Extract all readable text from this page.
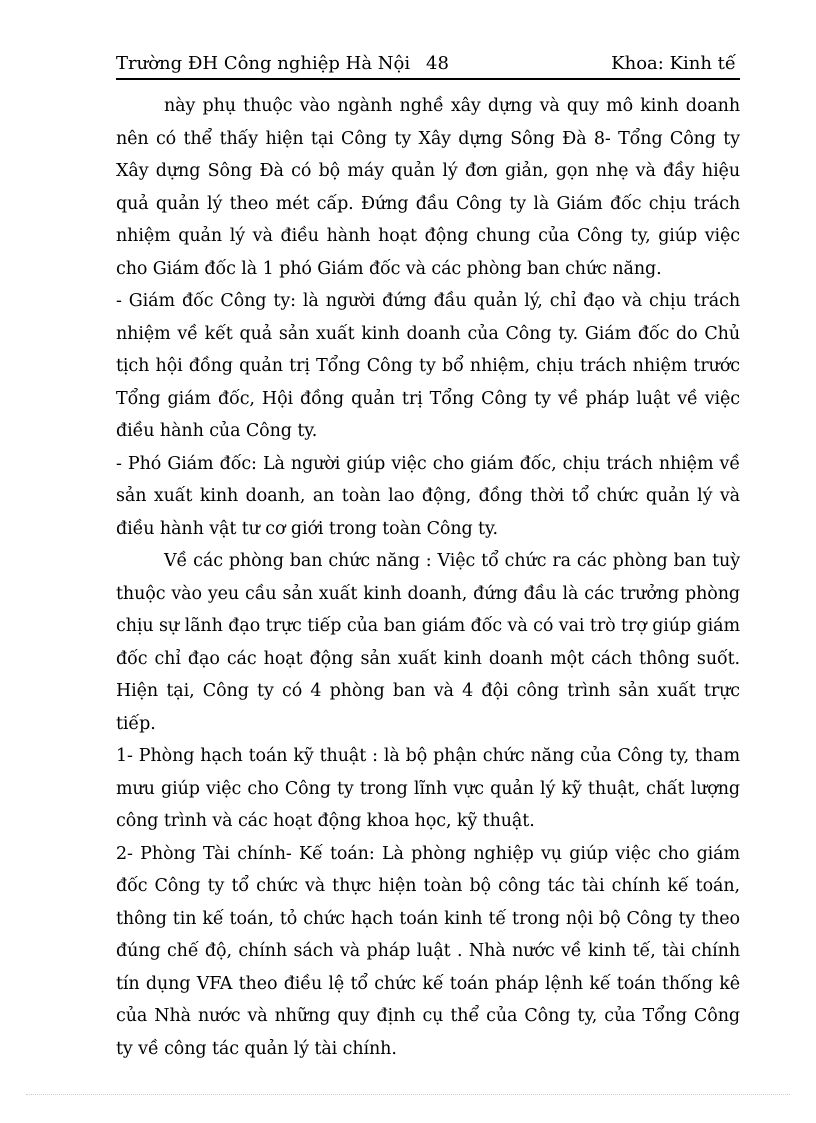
Trường ĐH Công nghiệp Hà Nội 48	Khoa: Kinh tế

này phụ thuộc vào ngành nghề xây dựng và quy mô kinh doanh nên có thể thấy hiện tại Công ty Xây dựng Sông Đà 8- Tổng Công ty Xây dựng Sông Đà có bộ máy quản lý đơn giản, gọn nhẹ và đầy hiệu quả quản lý theo mét cấp. Đứng đầu Công ty là Giám đốc chịu trách nhiệm quản lý và điều hành hoạt động chung của Công ty, giúp việc cho Giám đốc là 1 phó Giám đốc và các phòng ban chức năng.

- Giám đốc Công ty: là người đứng đầu quản lý, chỉ đạo và chịu trách nhiệm về kết quả sản xuất kinh doanh của Công ty. Giám đốc do Chủ tịch hội đồng quản trị Tổng Công ty bổ nhiệm, chịu trách nhiệm trước Tổng giám đốc, Hội đồng quản trị Tổng Công ty về pháp luật về việc điều hành của Công ty.

- Phó Giám đốc: Là người giúp việc cho giám đốc, chịu trách nhiệm về sản xuất kinh doanh, an toàn lao động, đồng thời tổ chức quản lý và điều hành vật tư cơ giới trong toàn Công ty.

Về các phòng ban chức năng : Việc tổ chức ra các phòng ban tuỳ thuộc vào yeu cầu sản xuất kinh doanh, đứng đầu là các trưởng phòng chịu sự lãnh đạo trực tiếp của ban giám đốc và có vai trò trợ giúp giám đốc chỉ đạo các hoạt động sản xuất kinh doanh một cách thông suốt. Hiện tại, Công ty có 4 phòng ban và 4 đội công trình sản xuất trực tiếp.

1- Phòng hạch toán kỹ thuật : là bộ phận chức năng của Công ty, tham mưu giúp việc cho Công ty trong lĩnh vực quản lý kỹ thuật, chất lượng công trình và các hoạt động khoa học, kỹ thuật.

2- Phòng Tài chính- Kế toán: Là phòng nghiệp vụ giúp việc cho giám đốc Công ty tổ chức và thực hiện toàn bộ công tác tài chính kế toán, thông tin kế toán, tỏ chức hạch toán kinh tế trong nội bộ Công ty theo đúng chế độ, chính sách và pháp luật . Nhà nước về kinh tế, tài chính tín dụng VFA theo điều lệ tổ chức kế toán pháp lệnh kế toán thống kê của Nhà nước và những quy định cụ thể của Công ty, của Tổng Công ty về công tác quản lý tài chính.
